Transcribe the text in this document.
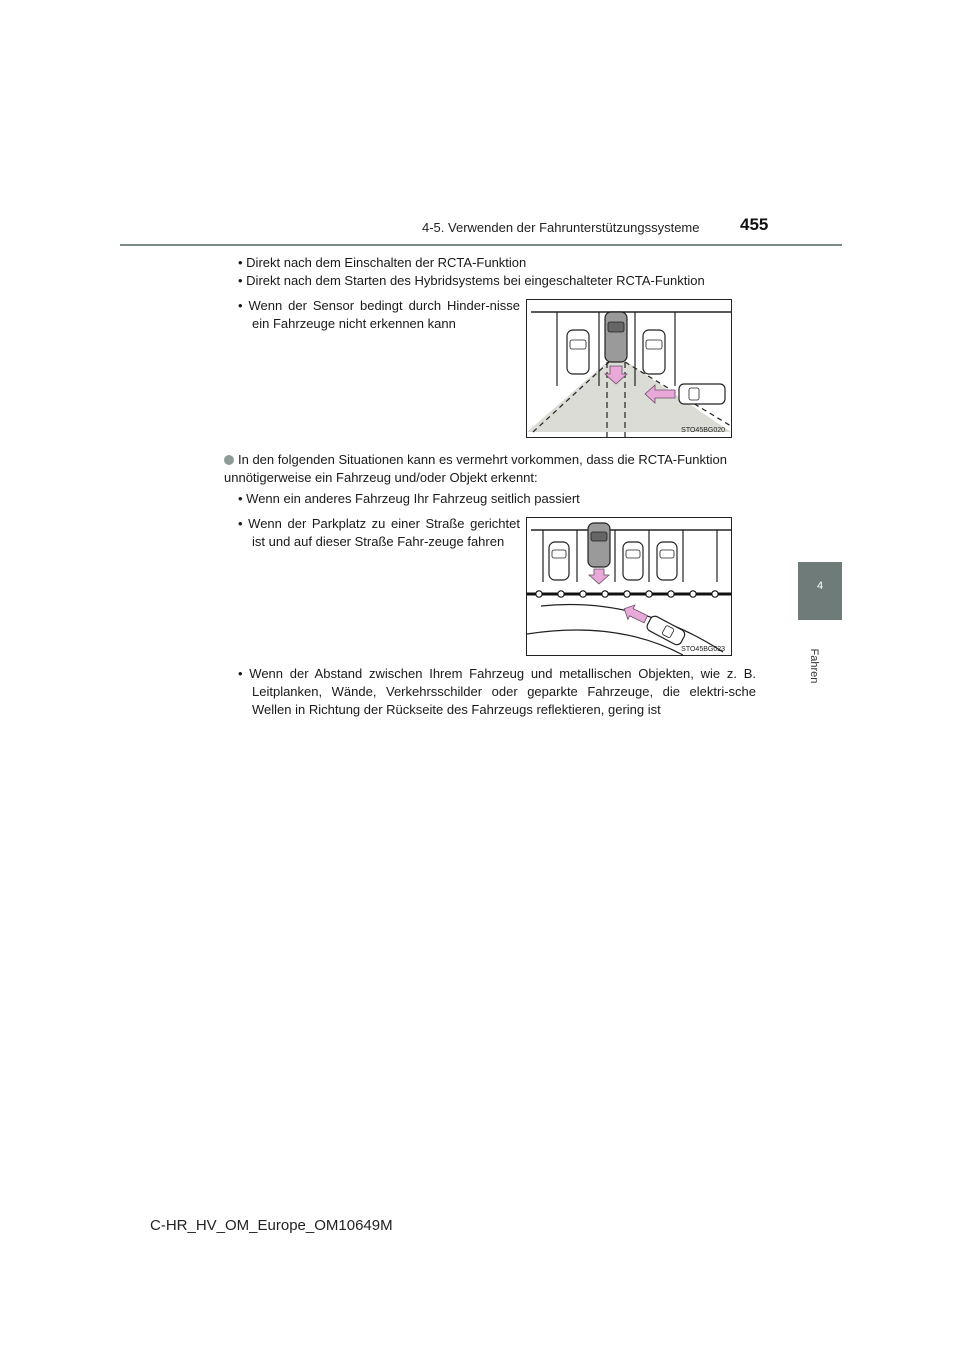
4-5. Verwenden der Fahrunterstützungssysteme 455
4
Fahren
• Direkt nach dem Einschalten der RCTA-Funktion
• Direkt nach dem Starten des Hybridsystems bei eingeschalteter RCTA-Funktion
• Wenn der Sensor bedingt durch Hinder-nisse ein Fahrzeuge nicht erkennen kann
STO45BG020
In den folgenden Situationen kann es vermehrt vorkommen, dass die RCTA-Funktion unnötigerweise ein Fahrzeug und/oder Objekt erkennt:
• Wenn ein anderes Fahrzeug Ihr Fahrzeug seitlich passiert
• Wenn der Parkplatz zu einer Straße gerichtet ist und auf dieser Straße Fahr-zeuge fahren
STO45BG023
• Wenn der Abstand zwischen Ihrem Fahrzeug und metallischen Objekten, wie z. B. Leitplanken, Wände, Verkehrsschilder oder geparkte Fahrzeuge, die elektri-sche Wellen in Richtung der Rückseite des Fahrzeugs reflektieren, gering ist
C-HR_HV_OM_Europe_OM10649M
